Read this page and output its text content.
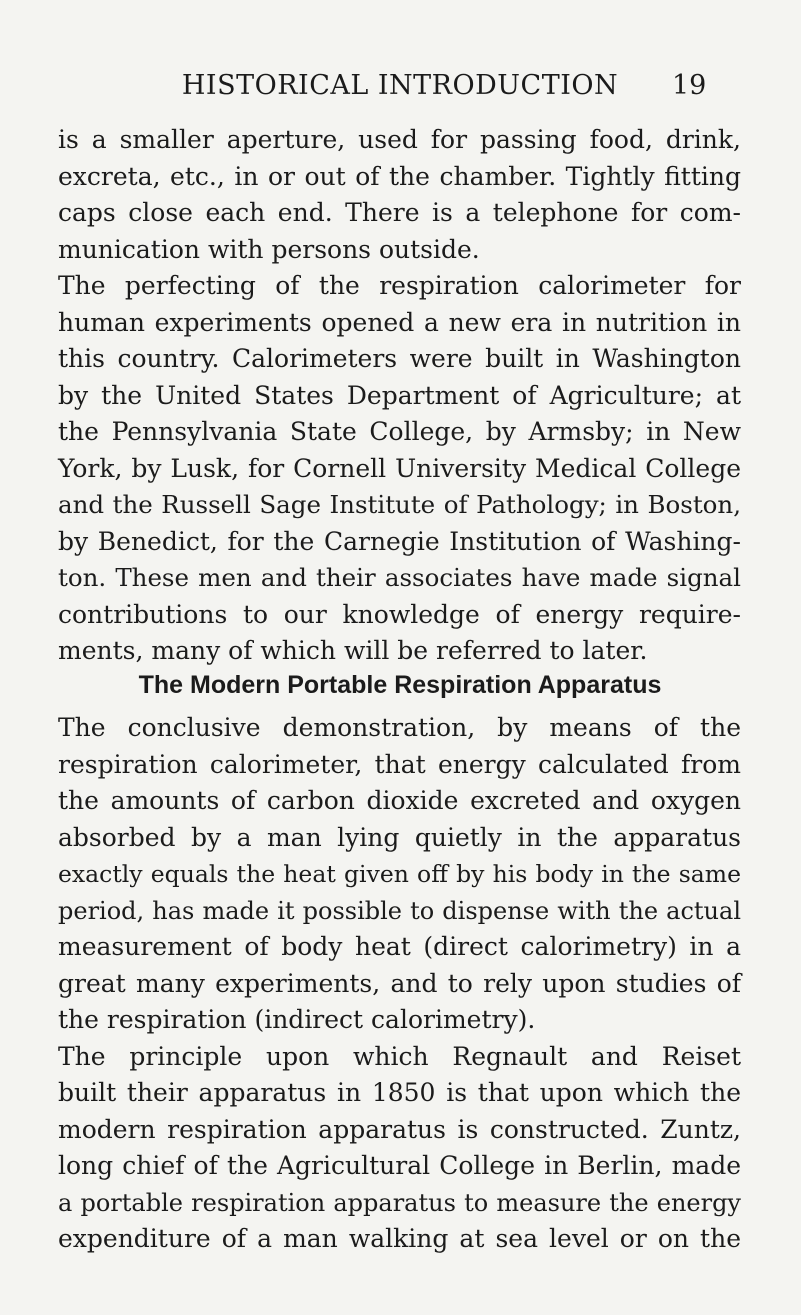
HISTORICAL INTRODUCTION	19
is a smaller aperture, used for passing food, drink,
excreta, etc., in or out of the chamber. Tightly fitting
caps close each end. There is a telephone for com-
munication with persons outside.
The perfecting of the respiration calorimeter for
human experiments opened a new era in nutrition in
this country. Calorimeters were built in Washington
by the United States Department of Agriculture; at
the Pennsylvania State College, by Armsby; in New
York, by Lusk, for Cornell University Medical College
and the Russell Sage Institute of Pathology; in Boston,
by Benedict, for the Carnegie Institution of Washing-
ton. These men and their associates have made signal
contributions to our knowledge of energy require-
ments, many of which will be referred to later.
The Modern Portable Respiration Apparatus
The conclusive demonstration, by means of the
respiration calorimeter, that energy calculated from
the amounts of carbon dioxide excreted and oxygen
absorbed by a man lying quietly in the apparatus
exactly equals the heat given off by his body in the same
period, has made it possible to dispense with the actual
measurement of body heat (direct calorimetry) in a
great many experiments, and to rely upon studies of
the respiration (indirect calorimetry).
The principle upon which Regnault and Reiset
built their apparatus in 1850 is that upon which the
modern respiration apparatus is constructed. Zuntz,
long chief of the Agricultural College in Berlin, made
a portable respiration apparatus to measure the energy
expenditure of a man walking at sea level or on the
